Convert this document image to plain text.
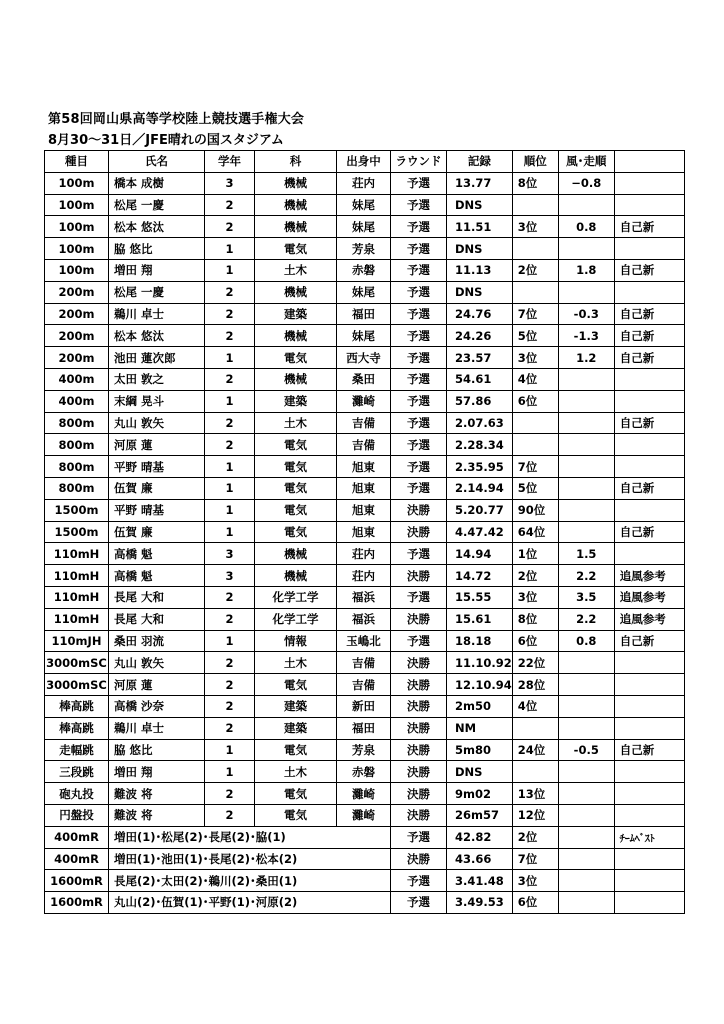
第58回岡山県高等学校陸上競技選手権大会
8月30～31日／JFE晴れの国スタジアム
種目	氏名	学年	科	出身中	ラウンド	記録	順位	風･走順	
100m	橋本 成樹	3	機械	荘内	予選	13.77	8位	−0.8	
100m	松尾 一慶	2	機械	妹尾	予選	DNS			
100m	松本 悠汰	2	機械	妹尾	予選	11.51	3位	0.8	自己新
100m	脇 悠比	1	電気	芳泉	予選	DNS			
100m	増田 翔	1	土木	赤磐	予選	11.13	2位	1.8	自己新
200m	松尾 一慶	2	機械	妹尾	予選	DNS			
200m	鵜川 卓士	2	建築	福田	予選	24.76	7位	-0.3	自己新
200m	松本 悠汰	2	機械	妹尾	予選	24.26	5位	-1.3	自己新
200m	池田 蓮次郎	1	電気	西大寺	予選	23.57	3位	1.2	自己新
400m	太田 敦之	2	機械	桑田	予選	54.61	4位		
400m	末綱 晃斗	1	建築	灘崎	予選	57.86	6位		
800m	丸山 敦矢	2	土木	吉備	予選	2.07.63			自己新
800m	河原 蓮	2	電気	吉備	予選	2.28.34			
800m	平野 晴基	1	電気	旭東	予選	2.35.95	7位		
800m	伍賀 廉	1	電気	旭東	予選	2.14.94	5位		自己新
1500m	平野 晴基	1	電気	旭東	決勝	5.20.77	90位		
1500m	伍賀 廉	1	電気	旭東	決勝	4.47.42	64位		自己新
110mH	高橋 魁	3	機械	荘内	予選	14.94	1位	1.5	
110mH	高橋 魁	3	機械	荘内	決勝	14.72	2位	2.2	追風参考
110mH	長尾 大和	2	化学工学	福浜	予選	15.55	3位	3.5	追風参考
110mH	長尾 大和	2	化学工学	福浜	決勝	15.61	8位	2.2	追風参考
110mJH	桑田 羽流	1	情報	玉嶋北	予選	18.18	6位	0.8	自己新
3000mSC	丸山 敦矢	2	土木	吉備	決勝	11.10.92	22位		
3000mSC	河原 蓮	2	電気	吉備	決勝	12.10.94	28位		
棒高跳	高橋 沙奈	2	建築	新田	決勝	2m50	4位		
棒高跳	鵜川 卓士	2	建築	福田	決勝	NM			
走幅跳	脇 悠比	1	電気	芳泉	決勝	5m80	24位	-0.5	自己新
三段跳	増田 翔	1	土木	赤磐	決勝	DNS			
砲丸投	難波 将	2	電気	灘崎	決勝	9m02	13位		
円盤投	難波 将	2	電気	灘崎	決勝	26m57	12位		
400mR	増田(1)･松尾(2)･長尾(2)･脇(1)				予選	42.82	2位		ﾁｰﾑﾍﾞｽﾄ
400mR	増田(1)･池田(1)･長尾(2)･松本(2)				決勝	43.66	7位		
1600mR	長尾(2)･太田(2)･鵜川(2)･桑田(1)				予選	3.41.48	3位		
1600mR	丸山(2)･伍賀(1)･平野(1)･河原(2)				予選	3.49.53	6位		
